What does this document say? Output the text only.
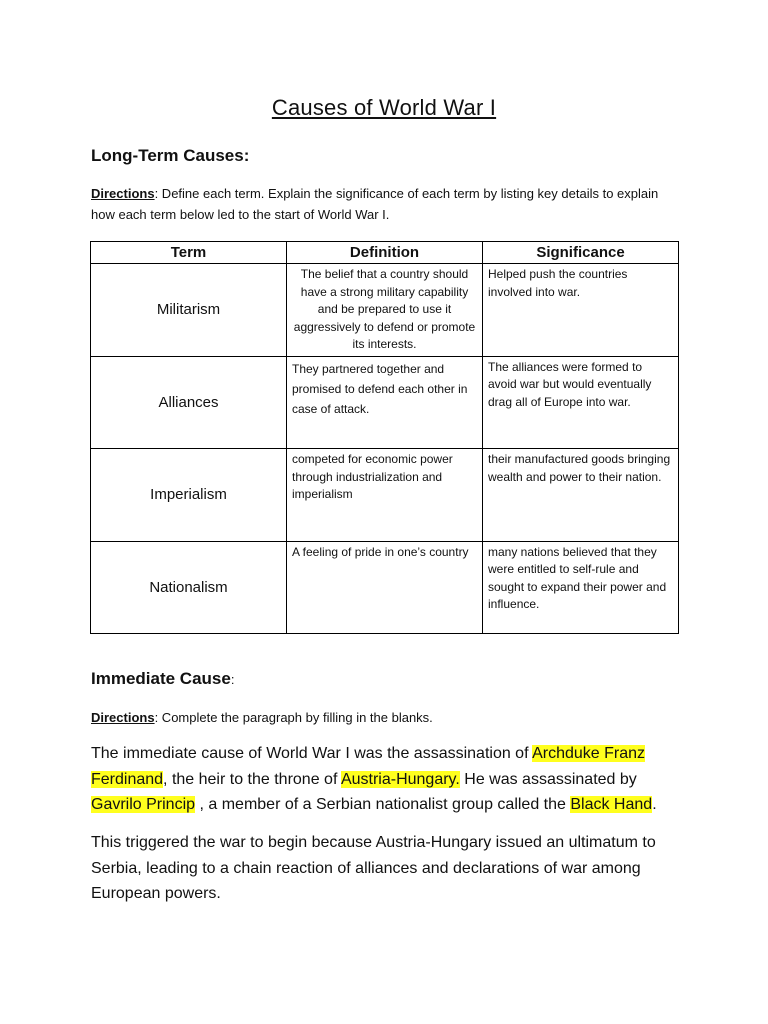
Causes of World War I
Long-Term Causes:
Directions: Define each term. Explain the significance of each term by listing key details to explain how each term below led to the start of World War I.
Term	Definition	Significance
Militarism	The belief that a country should have a strong military capability and be prepared to use it aggressively to defend or promote its interests.	Helped push the countries involved into war.

Alliances	They partnered together and promised to defend each other in case of attack.	The alliances were formed to avoid war but would eventually drag all of Europe into war.

Imperialism	competed for economic power through industrialization and imperialism	their manufactured goods bringing wealth and power to their nation.

Nationalism	A feeling of pride in one’s country	many nations believed that they were entitled to self-rule and sought to expand their power and influence.
Immediate Cause:
Directions: Complete the paragraph by filling in the blanks.
The immediate cause of World War I was the assassination of Archduke Franz Ferdinand, the heir to the throne of Austria-Hungary. He was assassinated by Gavrilo Princip , a member of a Serbian nationalist group called the Black Hand.
This triggered the war to begin because Austria-Hungary issued an ultimatum to Serbia, leading to a chain reaction of alliances and declarations of war among European powers.
